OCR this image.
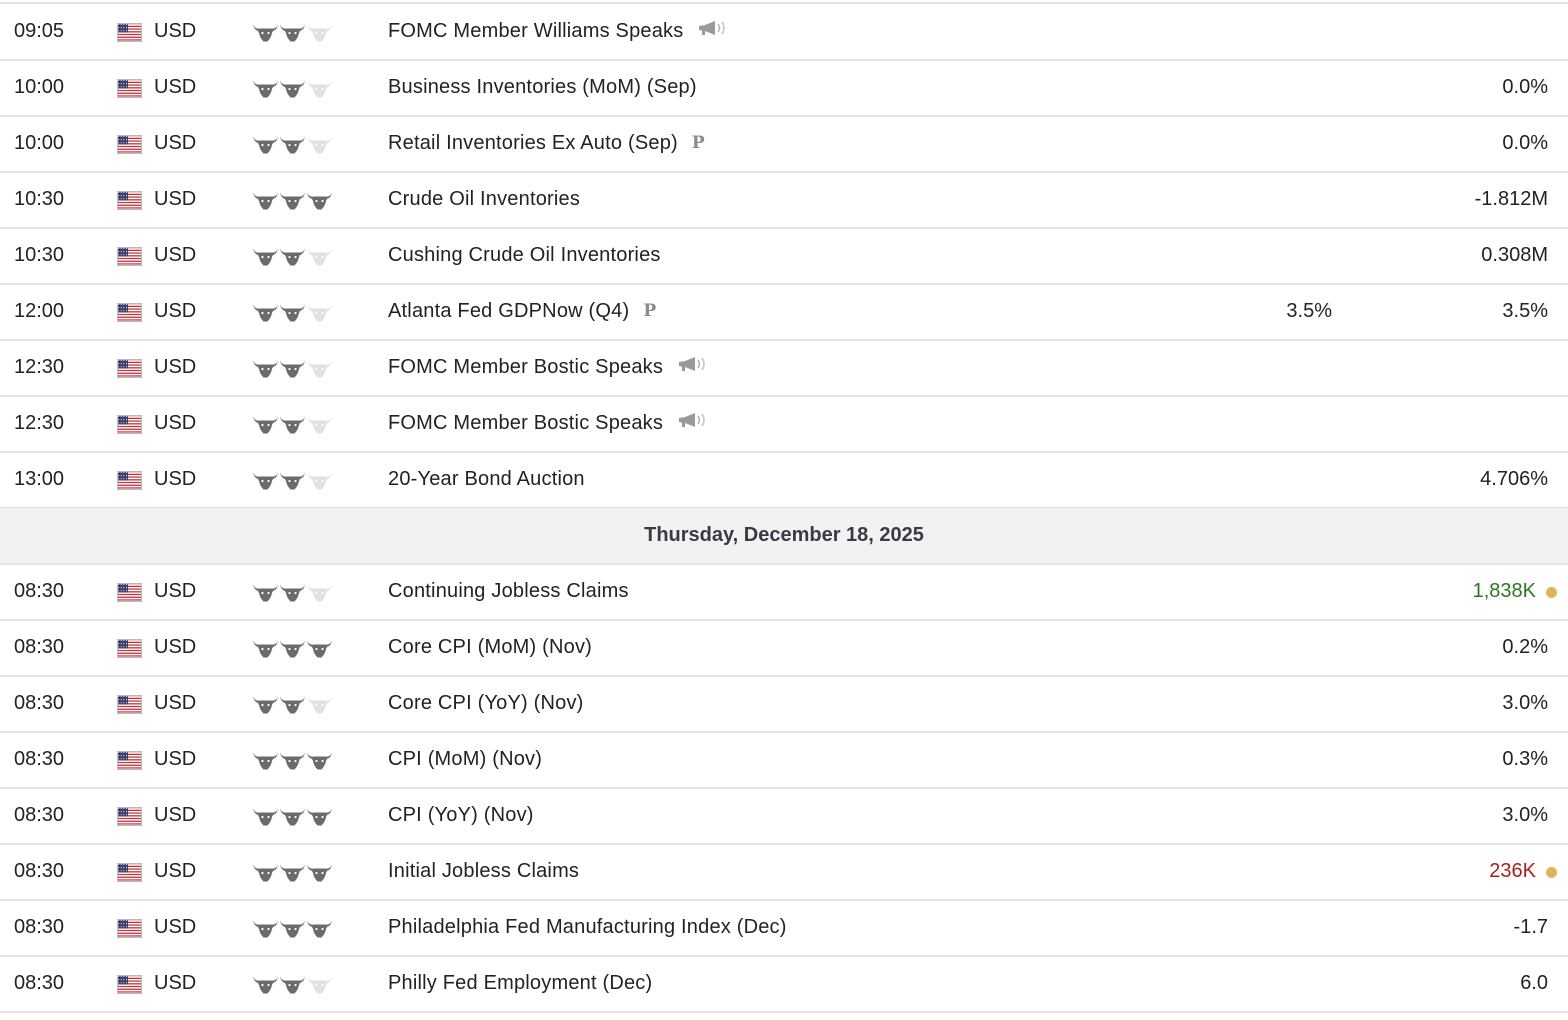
09:05	USD	FOMC Member Williams Speaks
10:00	USD	Business Inventories (MoM) (Sep)	0.0%
10:00	USD	Retail Inventories Ex Auto (Sep) P	0.0%
10:30	USD	Crude Oil Inventories	-1.812M
10:30	USD	Cushing Crude Oil Inventories	0.308M
12:00	USD	Atlanta Fed GDPNow (Q4) P	3.5%	3.5%
12:30	USD	FOMC Member Bostic Speaks
12:30	USD	FOMC Member Bostic Speaks
13:00	USD	20-Year Bond Auction	4.706%
Thursday, December 18, 2025
08:30	USD	Continuing Jobless Claims	1,838K
08:30	USD	Core CPI (MoM) (Nov)	0.2%
08:30	USD	Core CPI (YoY) (Nov)	3.0%
08:30	USD	CPI (MoM) (Nov)	0.3%
08:30	USD	CPI (YoY) (Nov)	3.0%
08:30	USD	Initial Jobless Claims	236K
08:30	USD	Philadelphia Fed Manufacturing Index (Dec)	-1.7
08:30	USD	Philly Fed Employment (Dec)	6.0
